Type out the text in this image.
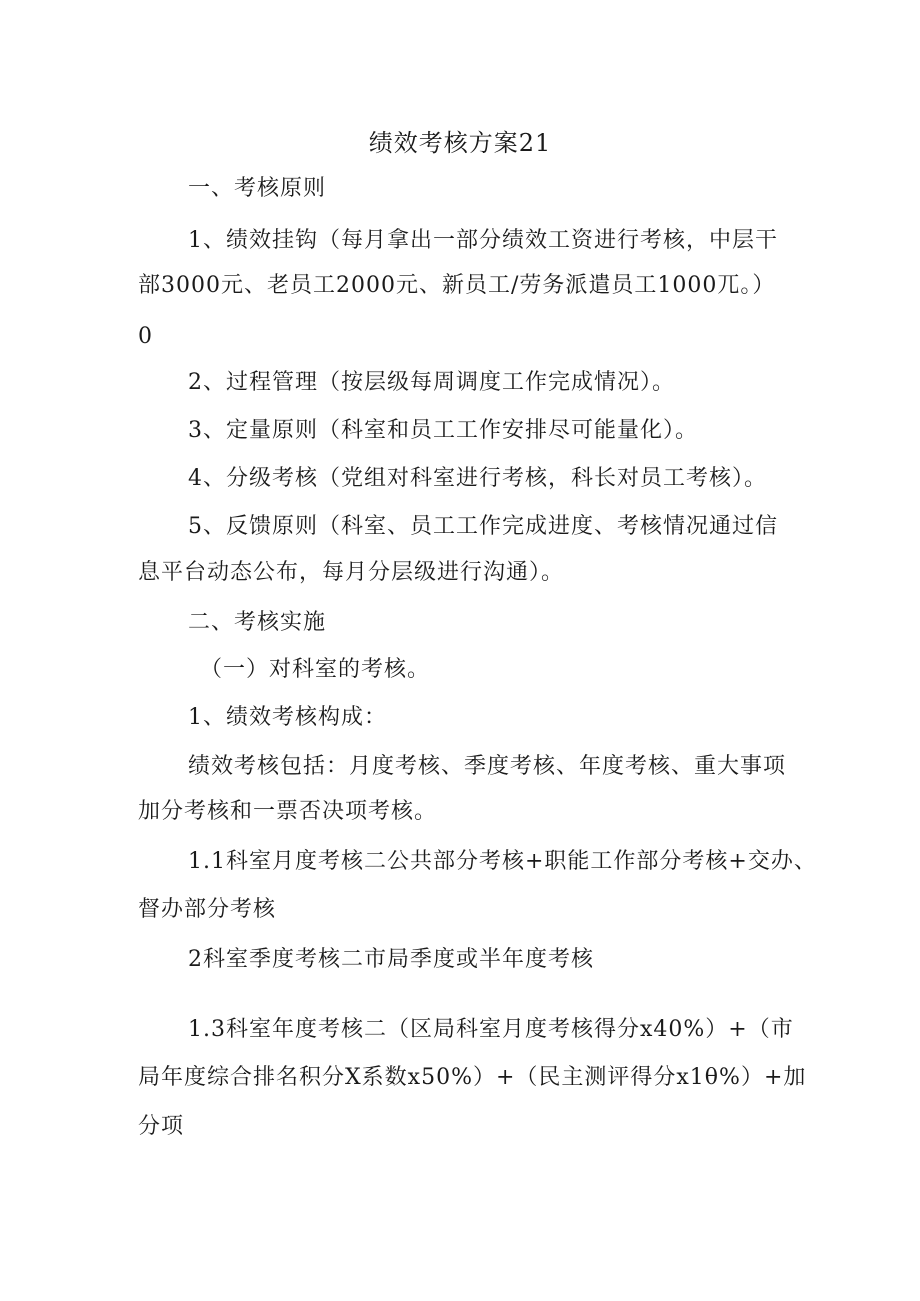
绩效考核方案21
一、考核原则
1、绩效挂钩（每月拿出一部分绩效工资进行考核，中层干
部3000元、老员工2000元、新员工/劳务派遣员工1000兀。）
0
2、过程管理（按层级每周调度工作完成情况）。
3、定量原则（科室和员工工作安排尽可能量化）。
4、分级考核（党组对科室进行考核，科长对员工考核）。
5、反馈原则（科室、员工工作完成进度、考核情况通过信
息平台动态公布，每月分层级进行沟通）。
二、考核实施
（一）对科室的考核。
1、绩效考核构成：
绩效考核包括：月度考核、季度考核、年度考核、重大事项
加分考核和一票否决项考核。
1.1科室月度考核二公共部分考核+职能工作部分考核+交办、
督办部分考核
2科室季度考核二市局季度或半年度考核
1.3科室年度考核二（区局科室月度考核得分x40%）+（市
局年度综合排名积分X系数x50%）+（民主测评得分x1θ%）+加
分项
